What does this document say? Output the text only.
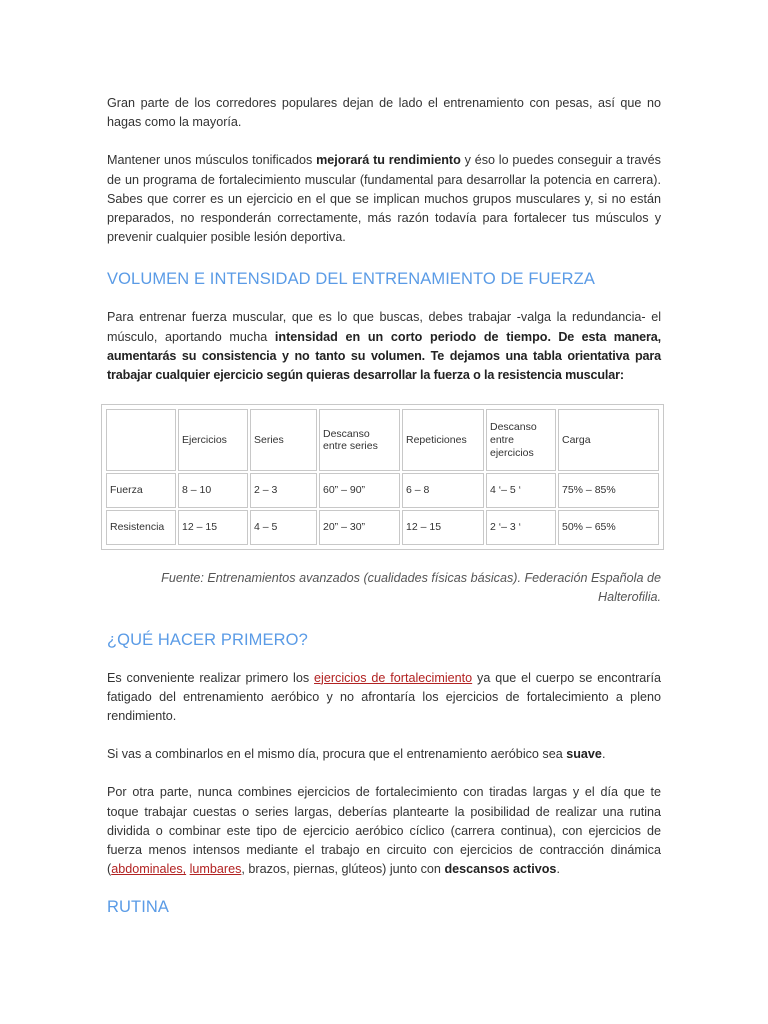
Gran parte de los corredores populares dejan de lado el entrenamiento con pesas, así que no hagas como la mayoría.

Mantener unos músculos tonificados mejorará tu rendimiento y éso lo puedes conseguir a través de un programa de fortalecimiento muscular (fundamental para desarrollar la potencia en carrera). Sabes que correr es un ejercicio en el que se implican muchos grupos musculares y, si no están preparados, no responderán correctamente, más razón todavía para fortalecer tus músculos y prevenir cualquier posible lesión deportiva.

VOLUMEN E INTENSIDAD DEL ENTRENAMIENTO DE FUERZA

Para entrenar fuerza muscular, que es lo que buscas, debes trabajar -valga la redundancia- el músculo, aportando mucha intensidad en un corto periodo de tiempo. De esta manera, aumentarás su consistencia y no tanto su volumen. Te dejamos una tabla orientativa para trabajar cualquier ejercicio según quieras desarrollar la fuerza o la resistencia muscular:

	Ejercicios	Series	Descanso entre series	Repeticiones	Descanso entre ejercicios	Carga
Fuerza	8 – 10	2 – 3	60” – 90”	6 – 8	4 ‘– 5 ‘	75% – 85%
Resistencia	12 – 15	4 – 5	20” – 30”	12 – 15	2 ‘– 3 ‘	50% – 65%
Fuente: Entrenamientos avanzados (cualidades físicas básicas). Federación Española de Halterofilia.
¿QUÉ HACER PRIMERO?

Es conveniente realizar primero los ejercicios de fortalecimiento ya que el cuerpo se encontraría fatigado del entrenamiento aeróbico y no afrontaría los ejercicios de fortalecimiento a pleno rendimiento.

Si vas a combinarlos en el mismo día, procura que el entrenamiento aeróbico sea suave.

Por otra parte, nunca combines ejercicios de fortalecimiento con tiradas largas y el día que te toque trabajar cuestas o series largas, deberías plantearte la posibilidad de realizar una rutina dividida o combinar este tipo de ejercicio aeróbico cíclico (carrera continua), con ejercicios de fuerza menos intensos mediante el trabajo en circuito con ejercicios de contracción dinámica (abdominales, lumbares, brazos, piernas, glúteos) junto con descansos activos.

RUTINA
